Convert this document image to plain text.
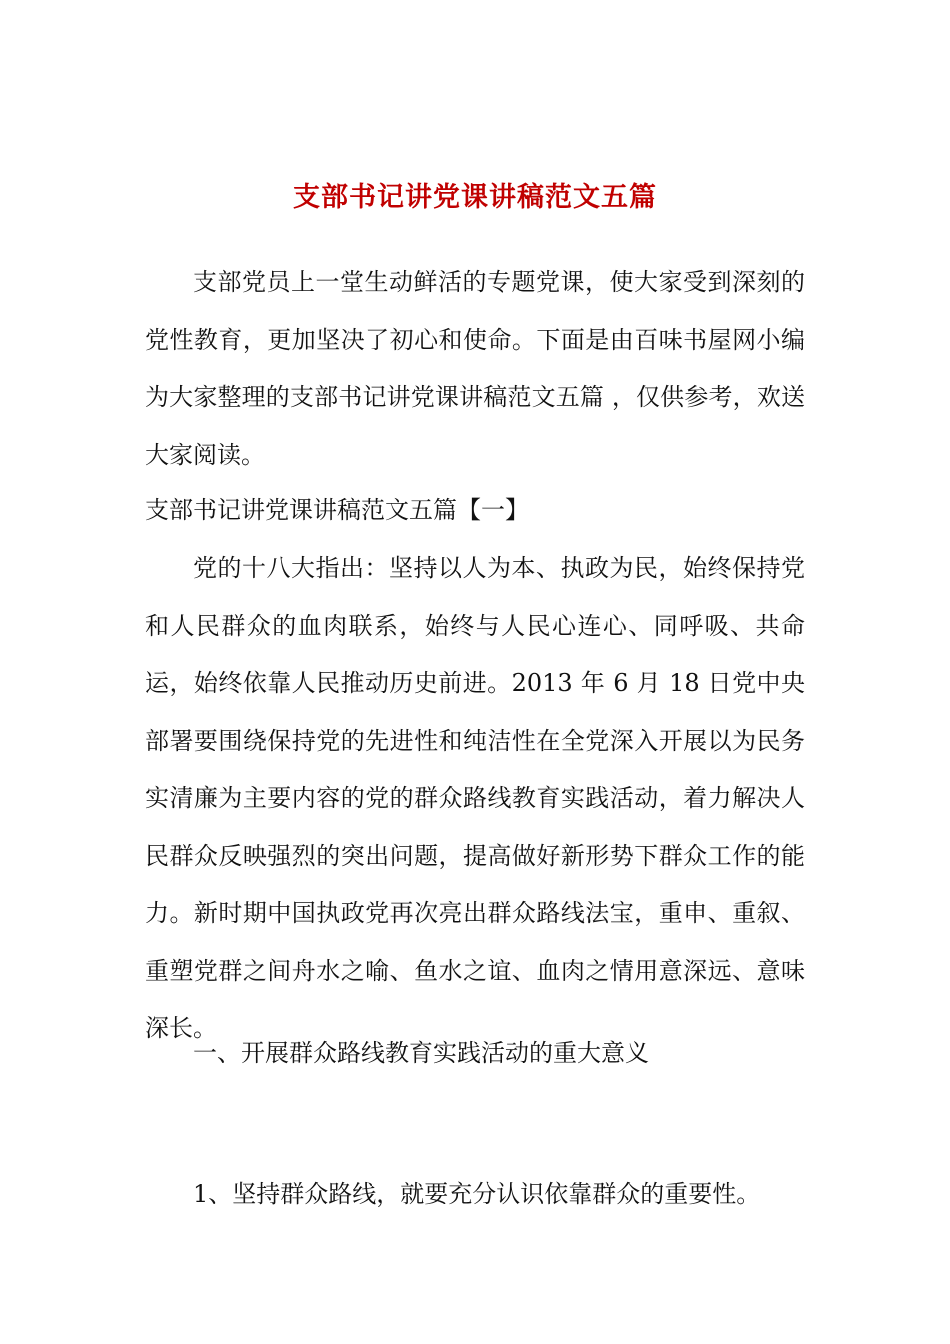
支部书记讲党课讲稿范文五篇

支部党员上一堂生动鲜活的专题党课，使大家受到深刻的党性教育，更加坚决了初心和使命。下面是由百味书屋网小编为大家整理的支部书记讲党课讲稿范文五篇 ，仅供参考，欢送大家阅读。

支部书记讲党课讲稿范文五篇【一】

党的十八大指出：坚持以人为本、执政为民，始终保持党和人民群众的血肉联系，始终与人民心连心、同呼吸、共命运，始终依靠人民推动历史前进。2013 年 6 月 18 日党中央部署要围绕保持党的先进性和纯洁性在全党深入开展以为民务实清廉为主要内容的党的群众路线教育实践活动，着力解决人民群众反映强烈的突出问题，提高做好新形势下群众工作的能力。新时期中国执政党再次亮出群众路线法宝，重申、重叙、重塑党群之间舟水之喻、鱼水之谊、血肉之情用意深远、意味深长。

一、开展群众路线教育实践活动的重大意义

1、坚持群众路线，就要充分认识依靠群众的重要性。
